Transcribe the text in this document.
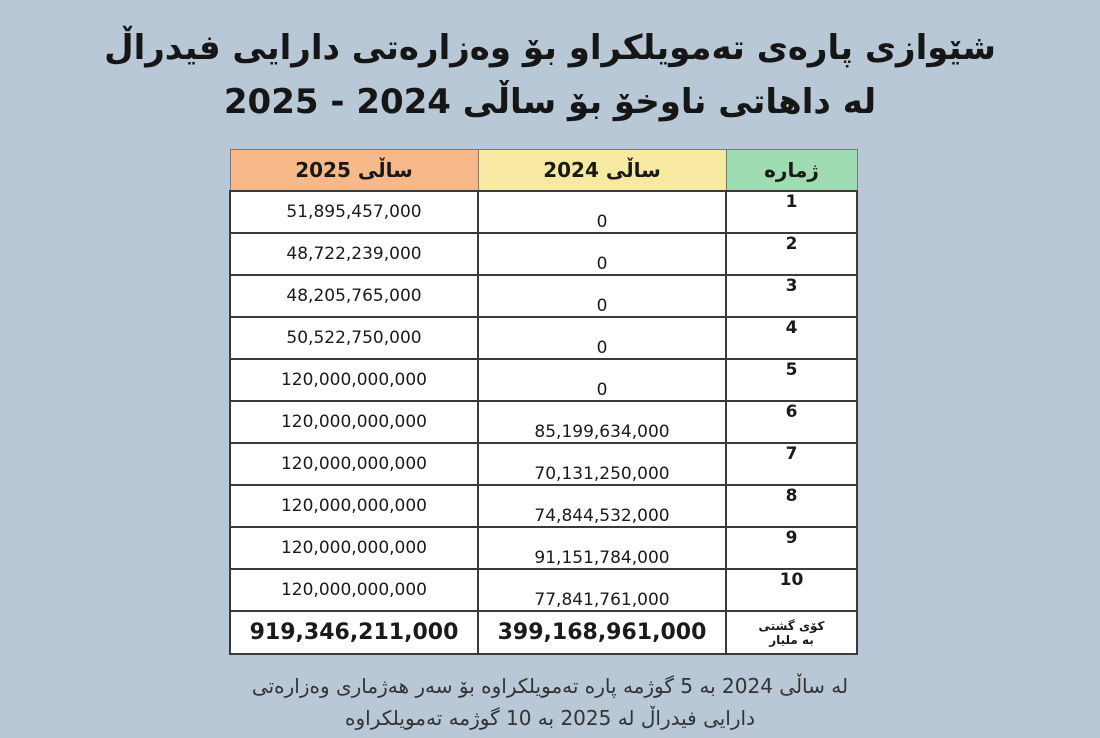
شێوازی پارەی تەمویلکراو بۆ وەزارەتی دارایی فیدراڵ
لە داهاتی ناوخۆ بۆ ساڵی 2024 - 2025
ساڵی 2025	ساڵی 2024	ژمارە
51,895,457,000	0	1
48,722,239,000	0	2
48,205,765,000	0	3
50,522,750,000	0	4
120,000,000,000	0	5
120,000,000,000	85,199,634,000	6
120,000,000,000	70,131,250,000	7
120,000,000,000	74,844,532,000	8
120,000,000,000	91,151,784,000	9
120,000,000,000	77,841,761,000	10
919,346,211,000	399,168,961,000	کۆی گشتی
بە ملیار
لە ساڵی 2024 بە 5 گوژمە پارە تەمویلکراوە بۆ سەر هەژماری وەزارەتی
دارایی فیدراڵ لە 2025 بە 10 گوژمە تەمویلکراوە
